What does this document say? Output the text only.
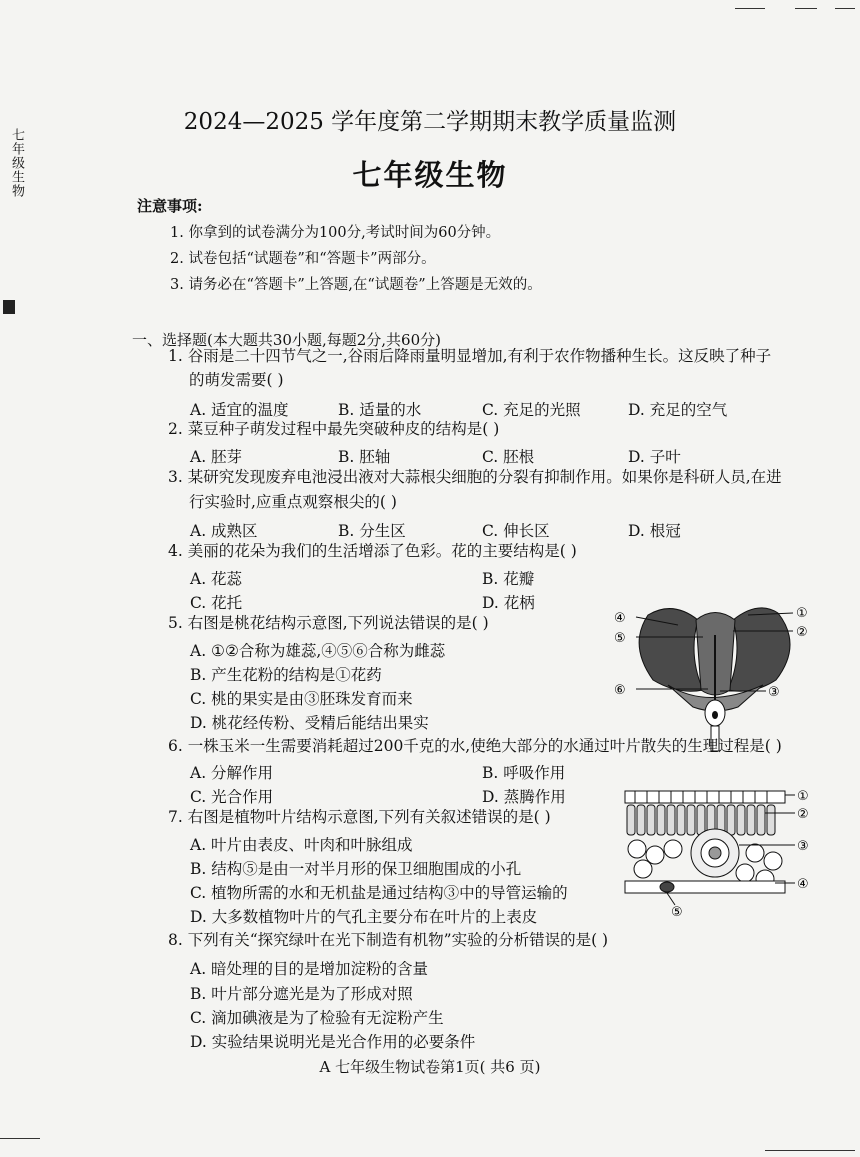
七年级生物
2024—2025 学年度第二学期期末教学质量监测
七年级生物
注意事项:
1. 你拿到的试卷满分为100分,考试时间为60分钟。
2. 试卷包括“试题卷”和“答题卡”两部分。
3. 请务必在“答题卡”上答题,在“试题卷”上答题是无效的。
一、选择题(本大题共30小题,每题2分,共60分)
1. 谷雨是二十四节气之一,谷雨后降雨量明显增加,有利于农作物播种生长。这反映了种子
的萌发需要( )
A. 适宜的温度	B. 适量的水	C. 充足的光照	D. 充足的空气
2. 菜豆种子萌发过程中最先突破种皮的结构是( )
A. 胚芽	B. 胚轴	C. 胚根	D. 子叶
3. 某研究发现废弃电池浸出液对大蒜根尖细胞的分裂有抑制作用。如果你是科研人员,在进
行实验时,应重点观察根尖的( )
A. 成熟区	B. 分生区	C. 伸长区	D. 根冠
4. 美丽的花朵为我们的生活增添了色彩。花的主要结构是( )
A. 花蕊	B. 花瓣
C. 花托	D. 花柄
5. 右图是桃花结构示意图,下列说法错误的是( )
A. ①②合称为雄蕊,④⑤⑥合称为雌蕊
B. 产生花粉的结构是①花药
C. 桃的果实是由③胚珠发育而来
D. 桃花经传粉、受精后能结出果实
④
⑤
⑥
①
②
③
6. 一株玉米一生需要消耗超过200千克的水,使绝大部分的水通过叶片散失的生理过程是( )
A. 分解作用	B. 呼吸作用
C. 光合作用	D. 蒸腾作用
7. 右图是植物叶片结构示意图,下列有关叙述错误的是( )
A. 叶片由表皮、叶肉和叶脉组成
B. 结构⑤是由一对半月形的保卫细胞围成的小孔
C. 植物所需的水和无机盐是通过结构③中的导管运输的
D. 大多数植物叶片的气孔主要分布在叶片的上表皮
①
②
③
④
⑤
8. 下列有关“探究绿叶在光下制造有机物”实验的分析错误的是( )
A. 暗处理的目的是增加淀粉的含量
B. 叶片部分遮光是为了形成对照
C. 滴加碘液是为了检验有无淀粉产生
D. 实验结果说明光是光合作用的必要条件
A 七年级生物试卷第1页( 共6 页)
